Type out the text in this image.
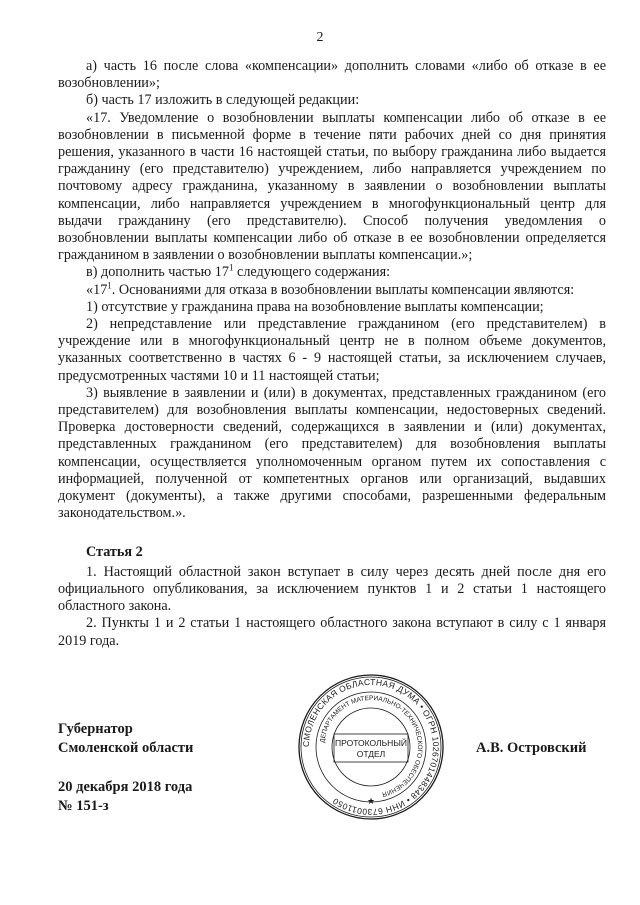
2

а) часть 16 после слова «компенсации» дополнить словами «либо об отказе в ее возобновлении»;

б) часть 17 изложить в следующей редакции:

«17. Уведомление о возобновлении выплаты компенсации либо об отказе в ее возобновлении в письменной форме в течение пяти рабочих дней со дня принятия решения, указанного в части 16 настоящей статьи, по выбору гражданина либо выдается гражданину (его представителю) учреждением, либо направляется учреждением по почтовому адресу гражданина, указанному в заявлении о возобновлении выплаты компенсации, либо направляется учреждением в многофункциональный центр для выдачи гражданину (его представителю). Способ получения уведомления о возобновлении выплаты компенсации либо об отказе в ее возобновлении определяется гражданином в заявлении о возобновлении выплаты компенсации.»;

в) дополнить частью $17^1$ следующего содержания:

«$17^1$. Основаниями для отказа в возобновлении выплаты компенсации являются:

1) отсутствие у гражданина права на возобновление выплаты компенсации;

2) непредставление или представление гражданином (его представителем) в учреждение или в многофункциональный центр не в полном объеме документов, указанных соответственно в частях 6 - 9 настоящей статьи, за исключением случаев, предусмотренных частями 10 и 11 настоящей статьи;

3) выявление в заявлении и (или) в документах, представленных гражданином (его представителем) для возобновления выплаты компенсации, недостоверных сведений. Проверка достоверности сведений, содержащихся в заявлении и (или) документах, представленных гражданином (его представителем) для возобновления выплаты компенсации, осуществляется уполномоченным органом путем их сопоставления с информацией, полученной от компетентных органов или организаций, выдавших документ (документы), а также другими способами, разрешенными федеральным законодательством.».

Статья 2

1. Настоящий областной закон вступает в силу через десять дней после дня его официального опубликования, за исключением пунктов 1 и 2 статьи 1 настоящего областного закона.

2. Пункты 1 и 2 статьи 1 настоящего областного закона вступают в силу с 1 января 2019 года.

Губернатор
Смоленской области
20 декабря 2018 года
№ 151-з
А.В. Островский
СМОЛЕНСКАЯ ОБЛАСТНАЯ ДУМА • ОГРН 1026701448348 • ИНН 6730011050
ДЕПАРТАМЕНТ МАТЕРИАЛЬНО-ТЕХНИЧЕСКОГО ОБЕСПЕЧЕНИЯ
ПРОТОКОЛЬНЫЙ
ОТДЕЛ
★
